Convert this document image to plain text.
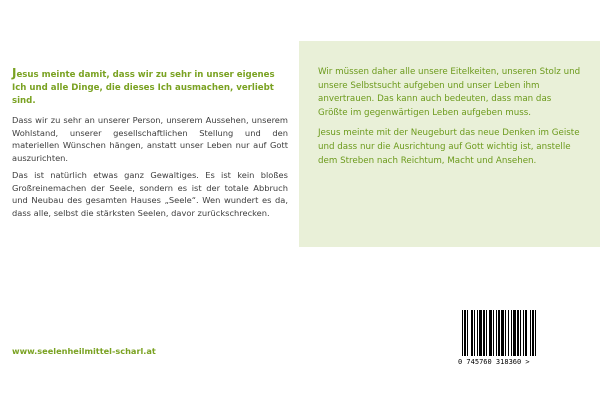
Jesus meinte damit, dass wir zu sehr in unser eigenes Ich und alle Dinge, die dieses Ich ausmachen, verliebt sind.

Dass wir zu sehr an unserer Person, unserem Aussehen, unserem Wohlstand, unserer gesellschaftlichen Stellung und den materiellen Wünschen hängen, anstatt unser Leben nur auf Gott auszurichten.

Das ist natürlich etwas ganz Gewaltiges. Es ist kein bloßes Großreinemachen der Seele, sondern es ist der totale Abbruch und Neubau des gesamten Hauses „Seele“. Wen wundert es da, dass alle, selbst die stärksten Seelen, davor zurückschrecken.

www.seelenheilmittel-scharl.at

Wir müssen daher alle unsere Eitelkeiten, unseren Stolz und unsere Selbstsucht aufgeben und unser Leben ihm anvertrauen. Das kann auch bedeuten, dass man das Größte im gegenwärtigen Leben aufgeben muss.

Jesus meinte mit der Neugeburt das neue Denken im Geiste und dass nur die Ausrichtung auf Gott wichtig ist, anstelle dem Streben nach Reichtum, Macht und Ansehen.

0 745760 318360 >
